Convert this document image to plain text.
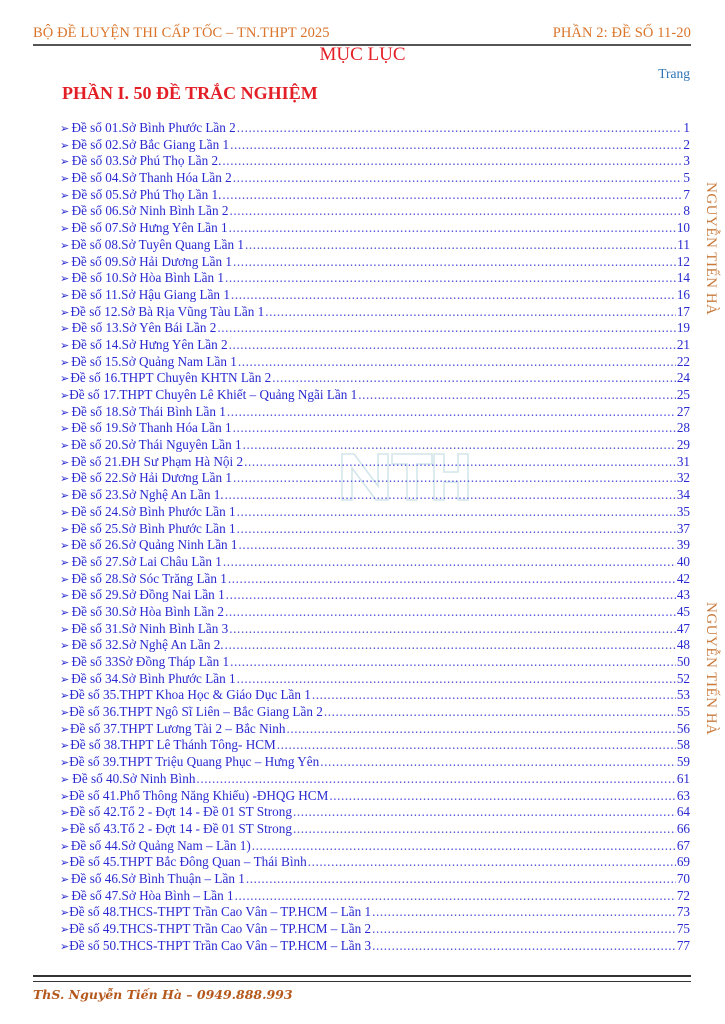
BỘ ĐỀ LUYỆN THI CẤP TỐC – TN.THPT 2025	PHẦN 2: ĐỀ SỐ 11-20
MỤC LỤC
Trang
PHẦN I. 50 ĐỀ TRẮC NGHIỆM
➢ Đề số 01. Sở Bình Phước Lần 2 .....	1
➢ Đề số 02. Sở Bắc Giang Lần 1 .....	2
➢ Đề số 03. Sở Phú Thọ Lần 2. .....	3
➢ Đề số 04. Sở Thanh Hóa Lần 2 .....	5
➢ Đề số 05. Sở Phú Thọ Lần 1. .....	7
➢ Đề số 06. Sở Ninh Bình Lần 2 .....	8
➢ Đề số 07. Sở Hưng Yên Lần 1 .....	10
➢ Đề số 08. Sở Tuyên Quang Lần 1 .....	11
➢ Đề số 09. Sở Hải Dương Lần 1 .....	12
➢ Đề số 10. Sở Hòa Bình Lần 1 .....	14
➢ Đề số 11. Sở Hậu Giang Lần 1 .....	16
➢ Đề số 12. Sở Bà Rịa Vũng Tàu Lần 1 .....	17
➢ Đề số 13. Sở Yên Bái Lần 2 .....	19
➢ Đề số 14. Sở Hưng Yên Lần 2 .....	21
➢ Đề số 15. Sở Quảng Nam Lần 1 .....	22
➢ Đề số 16. THPT Chuyên KHTN Lần 2 .....	24
➢ Đề số 17. THPT Chuyên Lê Khiết – Quảng Ngãi Lần 1 .....	25
➢ Đề số 18. Sở Thái Bình Lần 1 .....	27
➢ Đề số 19. Sở Thanh Hóa Lần 1 .....	28
➢ Đề số 20. Sở Thái Nguyên Lần 1 .....	29
➢ Đề số 21. ĐH Sư Phạm Hà Nội 2 .....	31
➢ Đề số 22. Sở Hải Dương Lần 1 .....	32
➢ Đề số 23. Sở Nghệ An Lần 1. .....	34
➢ Đề số 24. Sở Bình Phước Lần 1 .....	35
➢ Đề số 25. Sở Bình Phước Lần 1 .....	37
➢ Đề số 26. Sở Quảng Ninh Lần 1 .....	39
➢ Đề số 27. Sở Lai Châu Lần 1 .....	40
➢ Đề số 28. Sở Sóc Trăng Lần 1 .....	42
➢ Đề số 29. Sở Đồng Nai Lần 1 .....	43
➢ Đề số 30. Sở Hòa Bình Lần 2 .....	45
➢ Đề số 31. Sở Ninh Bình Lần 3 .....	47
➢ Đề số 32. Sở Nghệ An Lần 2. .....	48
➢ Đề số 33 Sở Đồng Tháp Lần 1 .....	50
➢ Đề số 34. Sở Bình Phước Lần 1 .....	52
➢ Đề số 35. THPT Khoa Học & Giáo Dục Lần 1 .....	53
➢ Đề số 36. THPT Ngô Sĩ Liên – Bắc Giang Lần 2 .....	55
➢ Đề số 37. THPT Lương Tài 2 – Bắc Ninh .....	56
➢ Đề số 38. THPT Lê Thánh Tông- HCM .....	58
➢ Đề số 39. THPT Triệu Quang Phục – Hưng Yên .....	59
➢ Đề số 40. Sở Ninh Bình .....	61
➢ Đề số 41. Phổ Thông Năng Khiếu) -ĐHQG HCM .....	63
➢ Đề số 42. Tổ 2 - Đợt 14 - Đề 01 ST Strong .....	64
➢ Đề số 43. Tổ 2 - Đợt 14 - Đề 01 ST Strong .....	66
➢ Đề số 44. Sở Quảng Nam – Lần 1) .....	67
➢ Đề số 45. THPT Bắc Đông Quan – Thái Bình .....	69
➢ Đề số 46. Sở Bình Thuận – Lần 1 .....	70
➢ Đề số 47. Sở Hòa Bình – Lần 1 .....	72
➢ Đề số 48. THCS-THPT Trần Cao Vân – TP.HCM – Lần 1 .....	73
➢ Đề số 49. THCS-THPT Trần Cao Vân – TP.HCM – Lần 2 .....	75
➢ Đề số 50. THCS-THPT Trần Cao Vân – TP.HCM – Lần 3 .....	77
NGUYỄN TIẾN HÀ
NGUYỄN TIẾN HÀ
ThS. Nguyễn Tiến Hà – 0949.888.993
